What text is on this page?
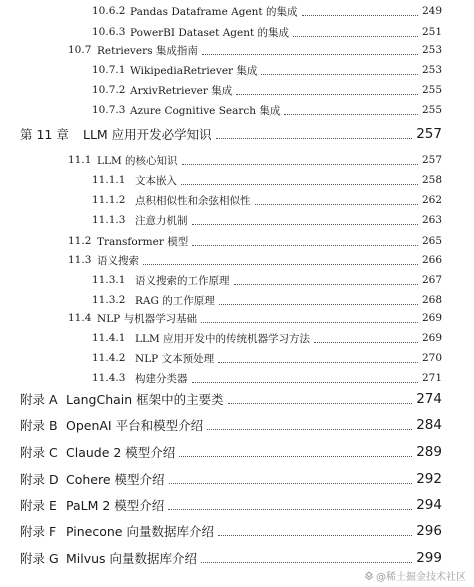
10.6.2 Pandas Dataframe Agent 的集成	249
10.6.3 PowerBI Dataset Agent 的集成	251
10.7 Retrievers 集成指南	253
10.7.1 WikipediaRetriever 集成	253
10.7.2 ArxivRetriever 集成	255
10.7.3 Azure Cognitive Search 集成	255
第 11 章 LLM 应用开发必学知识	257
11.1 LLM 的核心知识	257
11.1.1 文本嵌入	258
11.1.2 点积相似性和余弦相似性	262
11.1.3 注意力机制	263
11.2 Transformer 模型	265
11.3 语义搜索	266
11.3.1 语义搜索的工作原理	267
11.3.2 RAG 的工作原理	268
11.4 NLP 与机器学习基础	269
11.4.1 LLM 应用开发中的传统机器学习方法	269
11.4.2 NLP 文本预处理	270
11.4.3 构建分类器	271
附录 A LangChain 框架中的主要类	274
附录 B OpenAI 平台和模型介绍	284
附录 C Claude 2 模型介绍	289
附录 D Cohere 模型介绍	292
附录 E PaLM 2 模型介绍	294
附录 F Pinecone 向量数据库介绍	296
附录 G Milvus 向量数据库介绍	299
@稀土掘金技术社区
